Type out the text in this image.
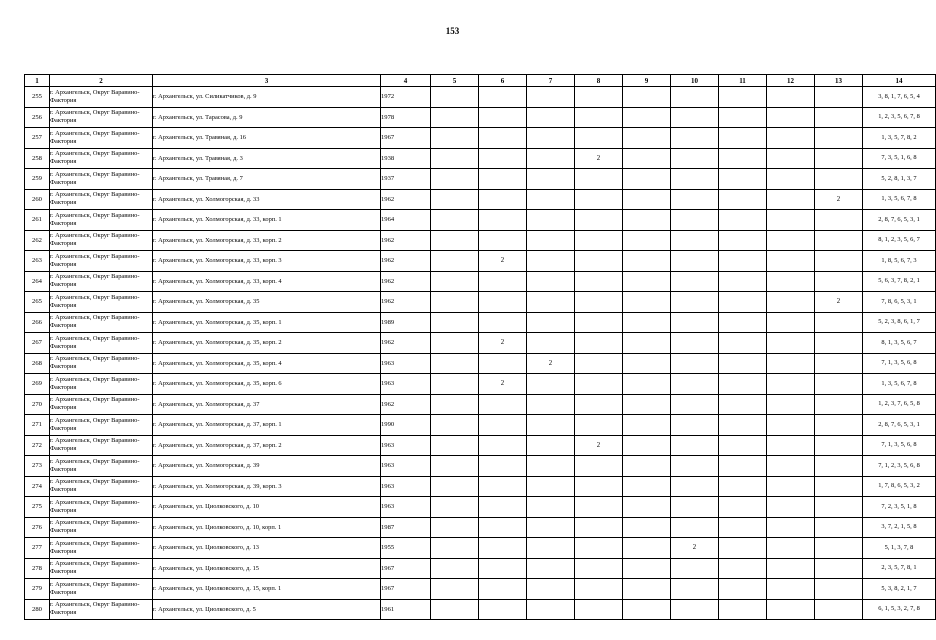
153
1	2	3	4	5	6	7	8	9	10	11	12	13	14
255	г. Архангельск, Округ Варавино-Фактория	г. Архангельск, ул. Силикатчиков, д. 9	1972										3, 8, 1, 7, 6, 5, 4
256	г. Архангельск, Округ Варавино-Фактория	г. Архангельск, ул. Тарасова, д. 9	1978										1, 2, 3, 5, 6, 7, 8
257	г. Архангельск, Округ Варавино-Фактория	г. Архангельск, ул. Травяная, д. 16	1967										1, 3, 5, 7, 8, 2
258	г. Архангельск, Округ Варавино-Фактория	г. Архангельск, ул. Травяная, д. 3	1938				2						7, 3, 5, 1, 6, 8
259	г. Архангельск, Округ Варавино-Фактория	г. Архангельск, ул. Травяная, д. 7	1937										5, 2, 8, 1, 3, 7
260	г. Архангельск, Округ Варавино-Фактория	г. Архангельск, ул. Холмогорская, д. 33	1962									2	1, 3, 5, 6, 7, 8
261	г. Архангельск, Округ Варавино-Фактория	г. Архангельск, ул. Холмогорская, д. 33, корп. 1	1964										2, 8, 7, 6, 5, 3, 1
262	г. Архангельск, Округ Варавино-Фактория	г. Архангельск, ул. Холмогорская, д. 33, корп. 2	1962										8, 1, 2, 3, 5, 6, 7
263	г. Архангельск, Округ Варавино-Фактория	г. Архангельск, ул. Холмогорская, д. 33, корп. 3	1962		2								1, 8, 5, 6, 7, 3
264	г. Архангельск, Округ Варавино-Фактория	г. Архангельск, ул. Холмогорская, д. 33, корп. 4	1962										5, 6, 3, 7, 8, 2, 1
265	г. Архангельск, Округ Варавино-Фактория	г. Архангельск, ул. Холмогорская, д. 35	1962									2	7, 8, 6, 5, 3, 1
266	г. Архангельск, Округ Варавино-Фактория	г. Архангельск, ул. Холмогорская, д. 35, корп. 1	1989										5, 2, 3, 8, 6, 1, 7
267	г. Архангельск, Округ Варавино-Фактория	г. Архангельск, ул. Холмогорская, д. 35, корп. 2	1962		2								8, 1, 3, 5, 6, 7
268	г. Архангельск, Округ Варавино-Фактория	г. Архангельск, ул. Холмогорская, д. 35, корп. 4	1963			2							7, 1, 3, 5, 6, 8
269	г. Архангельск, Округ Варавино-Фактория	г. Архангельск, ул. Холмогорская, д. 35, корп. 6	1963		2								1, 3, 5, 6, 7, 8
270	г. Архангельск, Округ Варавино-Фактория	г. Архангельск, ул. Холмогорская, д. 37	1962										1, 2, 3, 7, 6, 5, 8
271	г. Архангельск, Округ Варавино-Фактория	г. Архангельск, ул. Холмогорская, д. 37, корп. 1	1990										2, 8, 7, 6, 5, 3, 1
272	г. Архангельск, Округ Варавино-Фактория	г. Архангельск, ул. Холмогорская, д. 37, корп. 2	1963				2						7, 1, 3, 5, 6, 8
273	г. Архангельск, Округ Варавино-Фактория	г. Архангельск, ул. Холмогорская, д. 39	1963										7, 1, 2, 3, 5, 6, 8
274	г. Архангельск, Округ Варавино-Фактория	г. Архангельск, ул. Холмогорская, д. 39, корп. 3	1963										1, 7, 8, 6, 5, 3, 2
275	г. Архангельск, Округ Варавино-Фактория	г. Архангельск, ул. Циолковского, д. 10	1963										7, 2, 3, 5, 1, 8
276	г. Архангельск, Округ Варавино-Фактория	г. Архангельск, ул. Циолковского, д. 10, корп. 1	1987										3, 7, 2, 1, 5, 8
277	г. Архангельск, Округ Варавино-Фактория	г. Архангельск, ул. Циолковского, д. 13	1955						2				5, 1, 3, 7, 8
278	г. Архангельск, Округ Варавино-Фактория	г. Архангельск, ул. Циолковского, д. 15	1967										2, 3, 5, 7, 8, 1
279	г. Архангельск, Округ Варавино-Фактория	г. Архангельск, ул. Циолковского, д. 15, корп. 1	1967										5, 3, 8, 2, 1, 7
280	г. Архангельск, Округ Варавино-Фактория	г. Архангельск, ул. Циолковского, д. 5	1961										6, 1, 5, 3, 2, 7, 8
